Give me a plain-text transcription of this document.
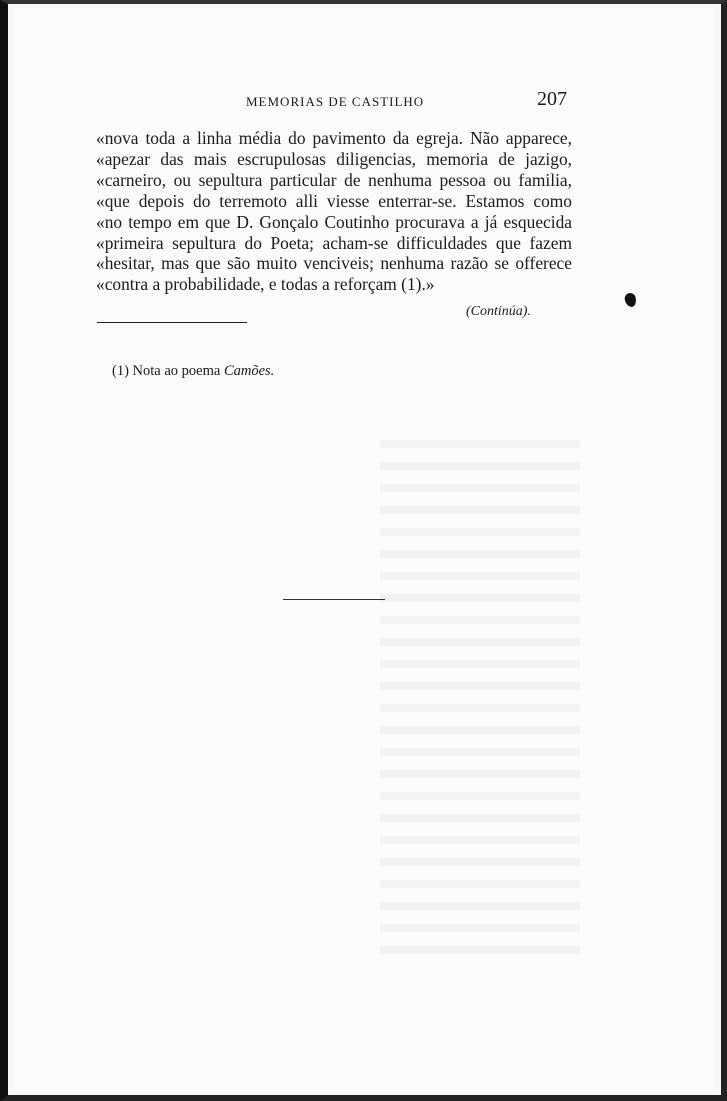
MEMORIAS DE CASTILHO	207
«nova toda a linha média do pavimento da egreja. Não apparece,
«apezar das mais escrupulosas diligencias, memoria de jazigo,
«carneiro, ou sepultura particular de nenhuma pessoa ou familia,
«que depois do terremoto alli viesse enterrar-se. Estamos como
«no tempo em que D. Gonçalo Coutinho procurava a já esquecida
«primeira sepultura do Poeta; acham-se difficuldades que fazem
«hesitar, mas que são muito venciveis; nenhuma razão se offerece
«contra a probabilidade, e todas a reforçam (1).»
(Continúa).
(1) Nota ao poema Camões.
